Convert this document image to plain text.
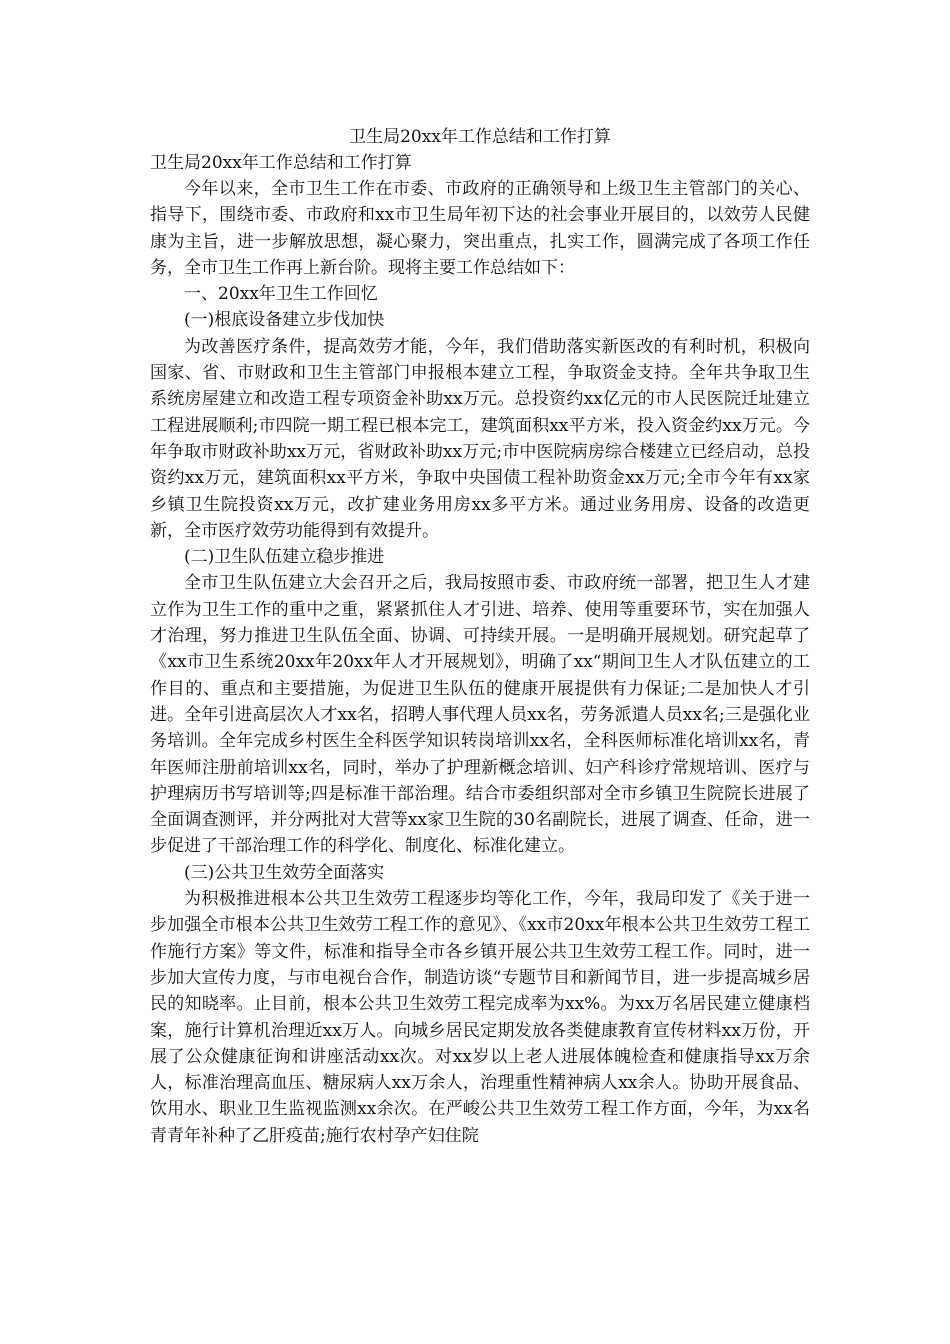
卫生局20xx年工作总结和工作打算
卫生局20xx年工作总结和工作打算

今年以来，全市卫生工作在市委、市政府的正确领导和上级卫生主管部门的关心、指导下，围绕市委、市政府和xx市卫生局年初下达的社会事业开展目的，以效劳人民健康为主旨，进一步解放思想，凝心聚力，突出重点，扎实工作，圆满完成了各项工作任务，全市卫生工作再上新台阶。现将主要工作总结如下：

一、20xx年卫生工作回忆
(一)根底设备建立步伐加快

为改善医疗条件，提高效劳才能，今年，我们借助落实新医改的有利时机，积极向国家、省、市财政和卫生主管部门申报根本建立工程，争取资金支持。全年共争取卫生系统房屋建立和改造工程专项资金补助xx万元。总投资约xx亿元的市人民医院迁址建立工程进展顺利;市四院一期工程已根本完工，建筑面积xx平方米，投入资金约xx万元。今年争取市财政补助xx万元，省财政补助xx万元;市中医院病房综合楼建立已经启动，总投资约xx万元，建筑面积xx平方米，争取中央国债工程补助资金xx万元;全市今年有xx家乡镇卫生院投资xx万元，改扩建业务用房xx多平方米。通过业务用房、设备的改造更新，全市医疗效劳功能得到有效提升。

(二)卫生队伍建立稳步推进

全市卫生队伍建立大会召开之后，我局按照市委、市政府统一部署，把卫生人才建立作为卫生工作的重中之重，紧紧抓住人才引进、培养、使用等重要环节，实在加强人才治理，努力推进卫生队伍全面、协调、可持续开展。一是明确开展规划。研究起草了《xx市卫生系统20xx年20xx年人才开展规划》，明确了xx“期间卫生人才队伍建立的工作目的、重点和主要措施，为促进卫生队伍的健康开展提供有力保证;二是加快人才引进。全年引进高层次人才xx名，招聘人事代理人员xx名，劳务派遣人员xx名;三是强化业务培训。全年完成乡村医生全科医学知识转岗培训xx名，全科医师标准化培训xx名，青年医师注册前培训xx名，同时，举办了护理新概念培训、妇产科诊疗常规培训、医疗与护理病历书写培训等;四是标准干部治理。结合市委组织部对全市乡镇卫生院院长进展了全面调查测评，并分两批对大营等xx家卫生院的30名副院长，进展了调查、任命，进一步促进了干部治理工作的科学化、制度化、标准化建立。

(三)公共卫生效劳全面落实

为积极推进根本公共卫生效劳工程逐步均等化工作，今年，我局印发了《关于进一步加强全市根本公共卫生效劳工程工作的意见》、《xx市20xx年根本公共卫生效劳工程工作施行方案》等文件，标准和指导全市各乡镇开展公共卫生效劳工程工作。同时，进一步加大宣传力度，与市电视台合作，制造访谈“专题节目和新闻节目，进一步提高城乡居民的知晓率。止目前，根本公共卫生效劳工程完成率为xx%。为xx万名居民建立健康档案，施行计算机治理近xx万人。向城乡居民定期发放各类健康教育宣传材料xx万份，开展了公众健康征询和讲座活动xx次。对xx岁以上老人进展体魄检查和健康指导xx万余人，标准治理高血压、糖尿病人xx万余人，治理重性精神病人xx余人。协助开展食品、饮用水、职业卫生监视监测xx余次。在严峻公共卫生效劳工程工作方面，今年，为xx名青青年补种了乙肝疫苗;施行农村孕产妇住院
